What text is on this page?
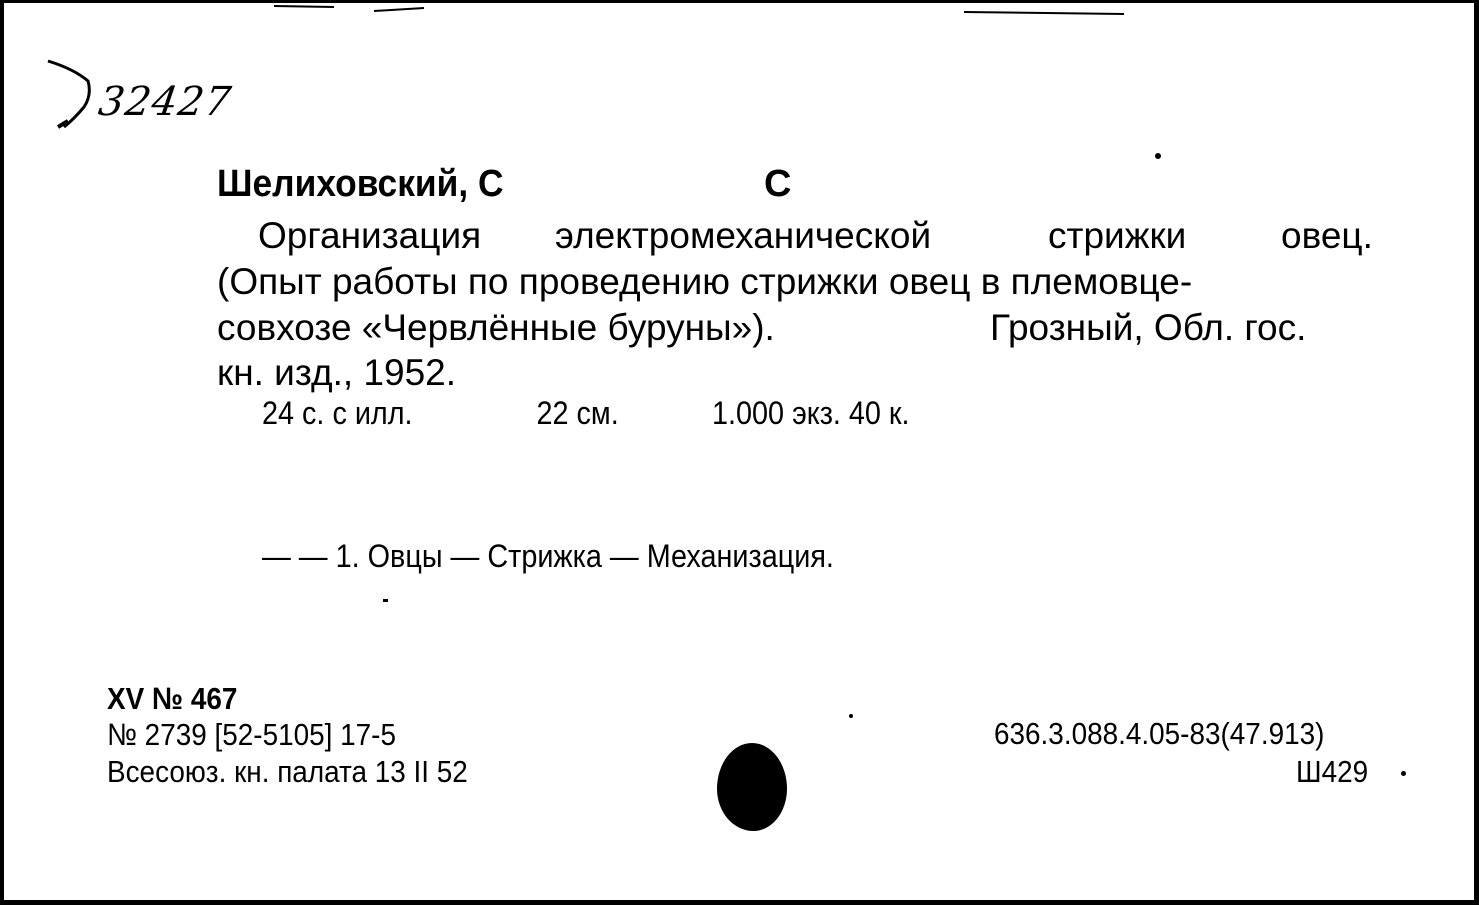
32427
Шелиховский, С	С
Организация электромеханической	стрижки	овец.
(Опыт работы по проведению стрижки овец в племовце-
совхозе «Червлённые буруны»).	Грозный, Обл. гос.
кн. изд., 1952.
24 с. с илл.	22 см.	1.000 экз. 40 к.
— — 1. Овцы — Стрижка — Механизация.
XV № 467
№ 2739 [52-5105] 17-5
Всесоюз. кн. палата 13 II 52
636.3.088.4.05-83(47.913)
Ш429
